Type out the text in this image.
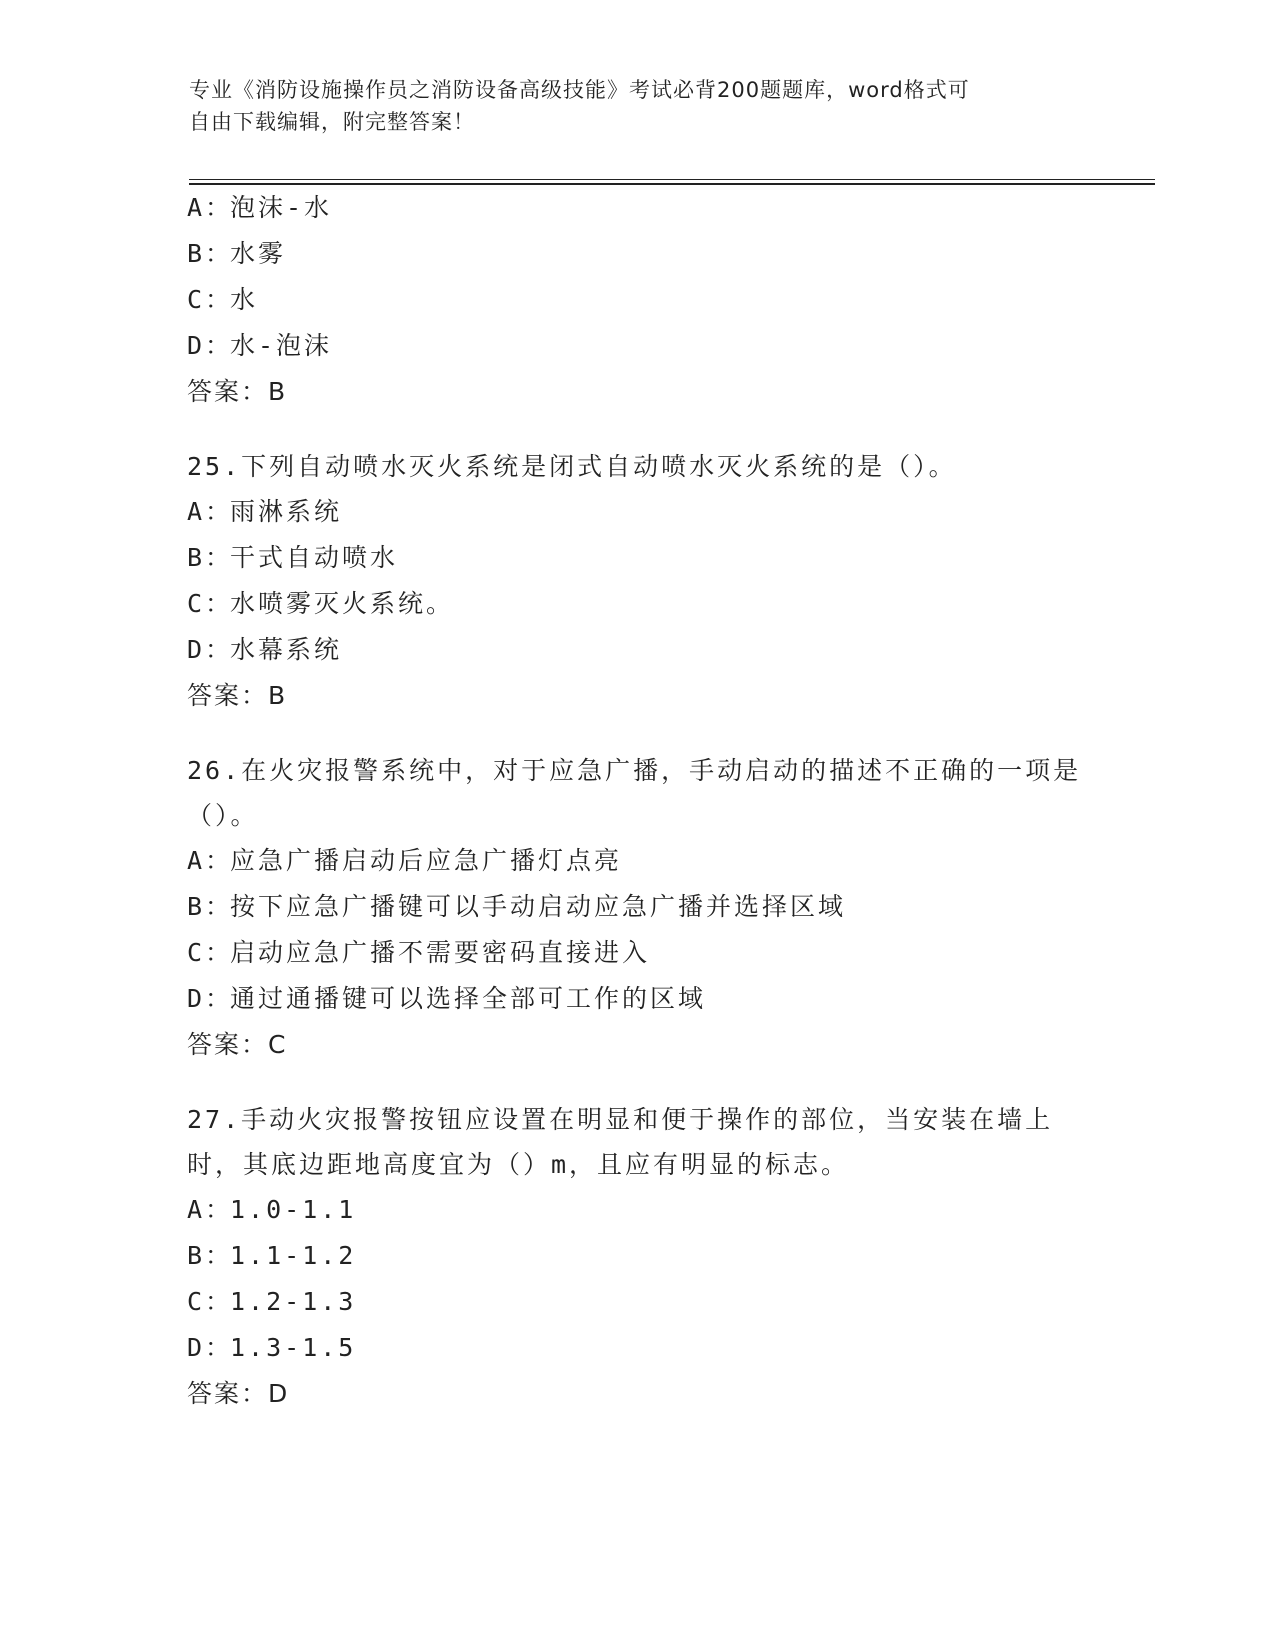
专业《消防设施操作员之消防设备高级技能》考试必背200题题库，word格式可
自由下载编辑，附完整答案！
A：泡沫-水
B：水雾
C：水
D：水-泡沫
答案：B
25.下列自动喷水灭火系统是闭式自动喷水灭火系统的是（）。
A：雨淋系统
B：干式自动喷水
C：水喷雾灭火系统。
D：水幕系统
答案：B
26.在火灾报警系统中，对于应急广播，手动启动的描述不正确的一项是（）。
A：应急广播启动后应急广播灯点亮
B：按下应急广播键可以手动启动应急广播并选择区域
C：启动应急广播不需要密码直接进入
D：通过通播键可以选择全部可工作的区域
答案：C
27.手动火灾报警按钮应设置在明显和便于操作的部位，当安装在墙上时，其底边距地高度宜为（）m，且应有明显的标志。
A：1.0-1.1
B：1.1-1.2
C：1.2-1.3
D：1.3-1.5
答案：D
